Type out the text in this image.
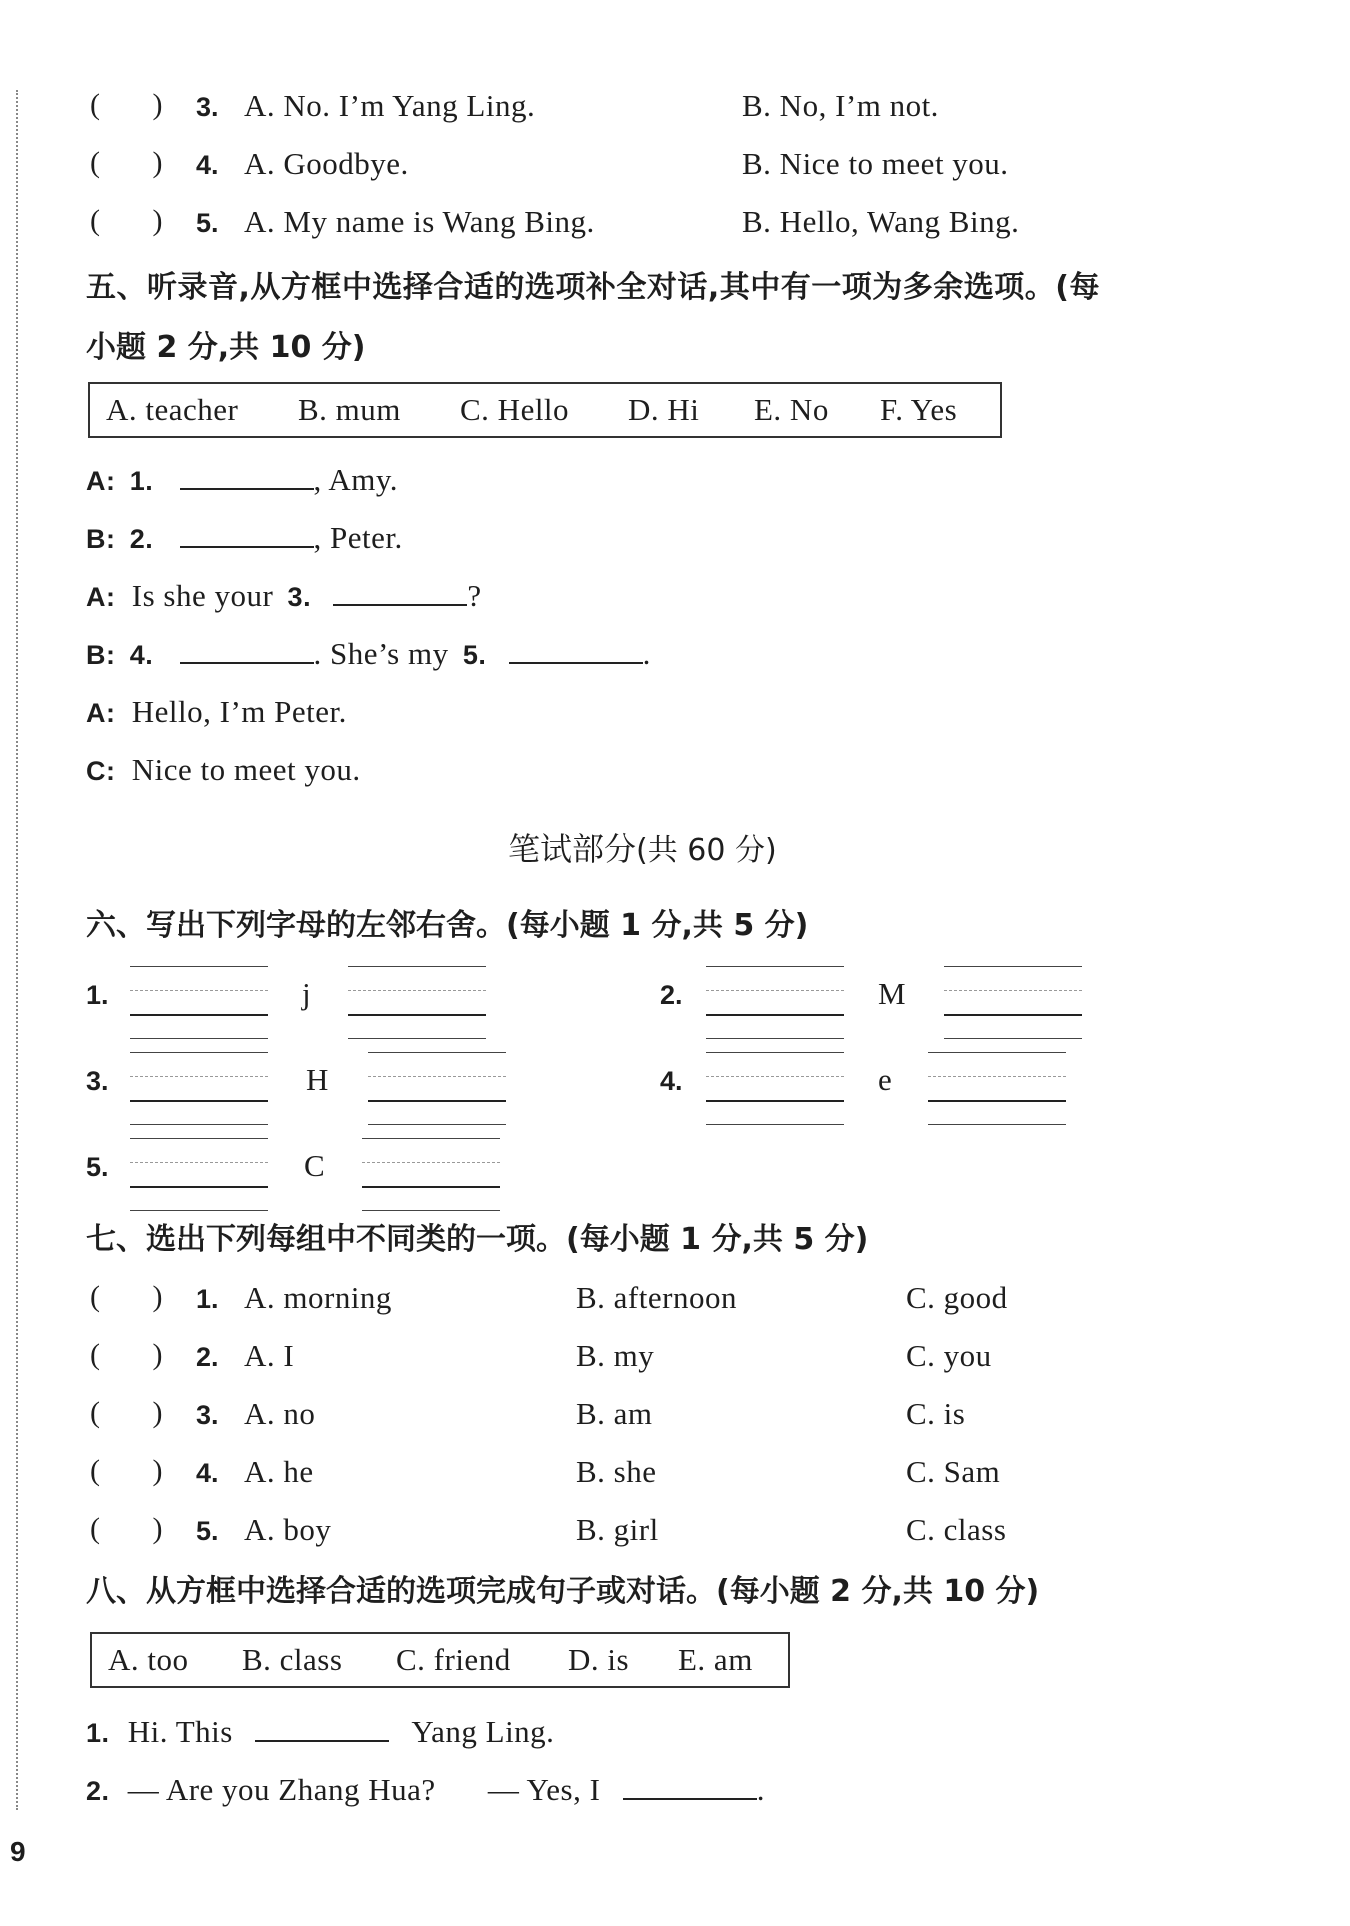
(       ) 3. A. No. I’m Yang Ling.	B. No, I’m not.
(       ) 4. A. Goodbye.	B. Nice to meet you.
(       ) 5. A. My name is Wang Bing.	B. Hello, Wang Bing.
五、听录音,从方框中选择合适的选项补全对话,其中有一项为多余选项。(每
小题 2 分,共 10 分)
A. teacher B. mum C. Hello D. Hi E. No F. Yes
A: 1.	, Amy.
B: 2.	, Peter.
A: Is she your 3.	?
B: 4.	. She’s my 5.	.
A: Hello, I’m Peter.
C: Nice to meet you.
笔试部分(共 60 分)
六、写出下列字母的左邻右舍。(每小题 1 分,共 5 分)
1.	j	2.	M
3.	H	4.	e
5.	C
七、选出下列每组中不同类的一项。(每小题 1 分,共 5 分)
(       ) 1. A. morning	B. afternoon	C. good
(       ) 2. A. I	B. my	C. you
(       ) 3. A. no	B. am	C. is
(       ) 4. A. he	B. she	C. Sam
(       ) 5. A. boy	B. girl	C. class
八、从方框中选择合适的选项完成句子或对话。(每小题 2 分,共 10 分)
A. too B. class C. friend D. is E. am
1. Hi. This	Yang Ling.
2. — Are you Zhang Hua? — Yes, I	.
9
